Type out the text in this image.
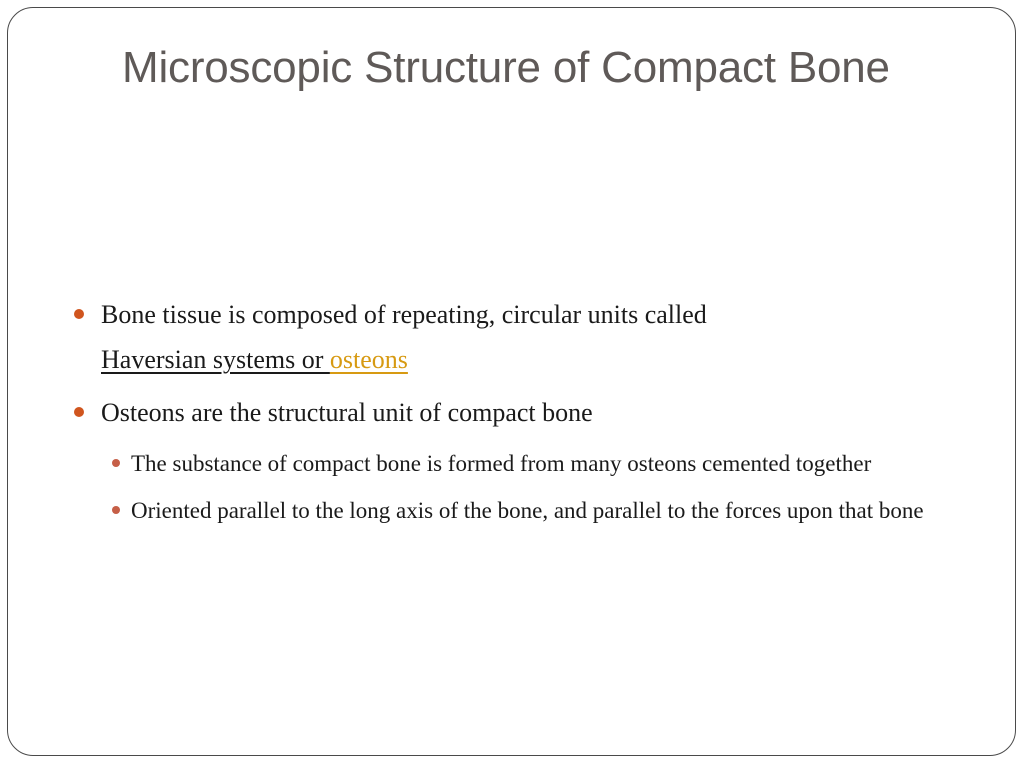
Microscopic Structure of Compact Bone
Bone tissue is composed of repeating, circular units called
Haversian systems or osteons
Osteons are the structural unit of compact bone
The substance of compact bone is formed from many osteons cemented together
Oriented parallel to the long axis of the bone, and parallel to the forces upon that bone
